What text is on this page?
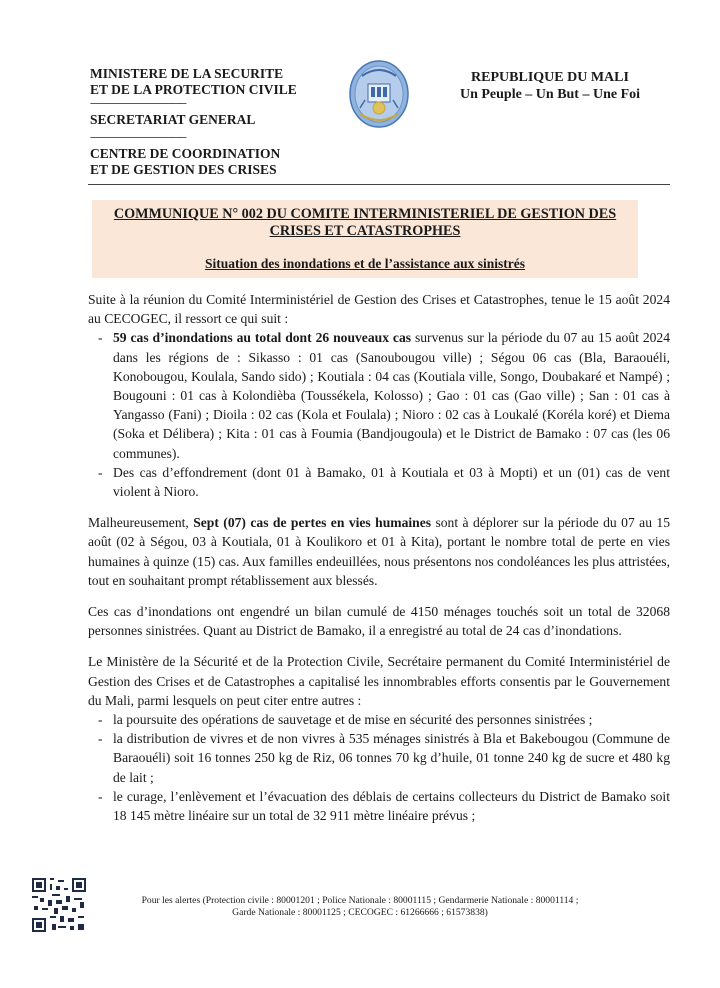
MINISTERE DE LA SECURITE
ET DE LA PROTECTION CIVILE
------------------------------------
SECRETARIAT GENERAL
------------------------------------
CENTRE DE COORDINATION
ET DE GESTION DES CRISES
REPUBLIQUE DU MALI
Un Peuple – Un But – Une Foi
COMMUNIQUE N° 002 DU COMITE INTERMINISTERIEL DE GESTION DES CRISES ET CATASTROPHES
Situation des inondations et de l’assistance aux sinistrés

Suite à la réunion du Comité Interministériel de Gestion des Crises et Catastrophes, tenue le 15 août 2024 au CECOGEC, il ressort ce qui suit :

- 59 cas d’inondations au total dont 26 nouveaux cas survenus sur la période du 07 au 15 août 2024 dans les régions de : Sikasso : 01 cas (Sanoubougou ville) ; Ségou 06 cas (Bla, Baraouéli, Konobougou, Koulala, Sando sido) ; Koutiala : 04 cas (Koutiala ville, Songo, Doubakaré et Nampé) ; Bougouni : 01 cas à Kolondièba (Toussékela, Kolosso) ; Gao : 01 cas (Gao ville) ; San : 01 cas à Yangasso (Fani) ; Dioila : 02 cas (Kola et Foulala) ; Nioro : 02 cas à Loukalé (Koréla koré) et Diema (Soka et Délibera) ; Kita : 01 cas à Foumia (Bandjougoula) et le District de Bamako : 07 cas (les 06 communes).
- Des cas d’effondrement (dont 01 à Bamako, 01 à Koutiala et 03 à Mopti) et un (01) cas de vent violent à Nioro.

Malheureusement, Sept (07) cas de pertes en vies humaines sont à déplorer sur la période du 07 au 15 août (02 à Ségou, 03 à Koutiala, 01 à Koulikoro et 01 à Kita), portant le nombre total de perte en vies humaines à quinze (15) cas. Aux familles endeuillées, nous présentons nos condoléances les plus attristées, tout en souhaitant prompt rétablissement aux blessés.

Ces cas d’inondations ont engendré un bilan cumulé de 4150 ménages touchés soit un total de 32068 personnes sinistrées. Quant au District de Bamako, il a enregistré au total de 24 cas d’inondations.

Le Ministère de la Sécurité et de la Protection Civile, Secrétaire permanent du Comité Interministériel de Gestion des Crises et de Catastrophes a capitalisé les innombrables efforts consentis par le Gouvernement du Mali, parmi lesquels on peut citer entre autres :

- la poursuite des opérations de sauvetage et de mise en sécurité des personnes sinistrées ;
- la distribution de vivres et de non vivres à 535 ménages sinistrés à Bla et Bakebougou (Commune de Baraouéli) soit 16 tonnes 250 kg de Riz, 06 tonnes 70 kg d’huile, 01 tonne 240 kg de sucre et 480 kg de lait ;
- le curage, l’enlèvement et l’évacuation des déblais de certains collecteurs du District de Bamako soit 18 145 mètre linéaire sur un total de 32 911 mètre linéaire prévus ;
Pour les alertes (Protection civile : 80001201 ; Police Nationale : 80001115 ; Gendarmerie Nationale : 80001114 ;
Garde Nationale : 80001125 ; CECOGEC : 61266666 ; 61573838)
